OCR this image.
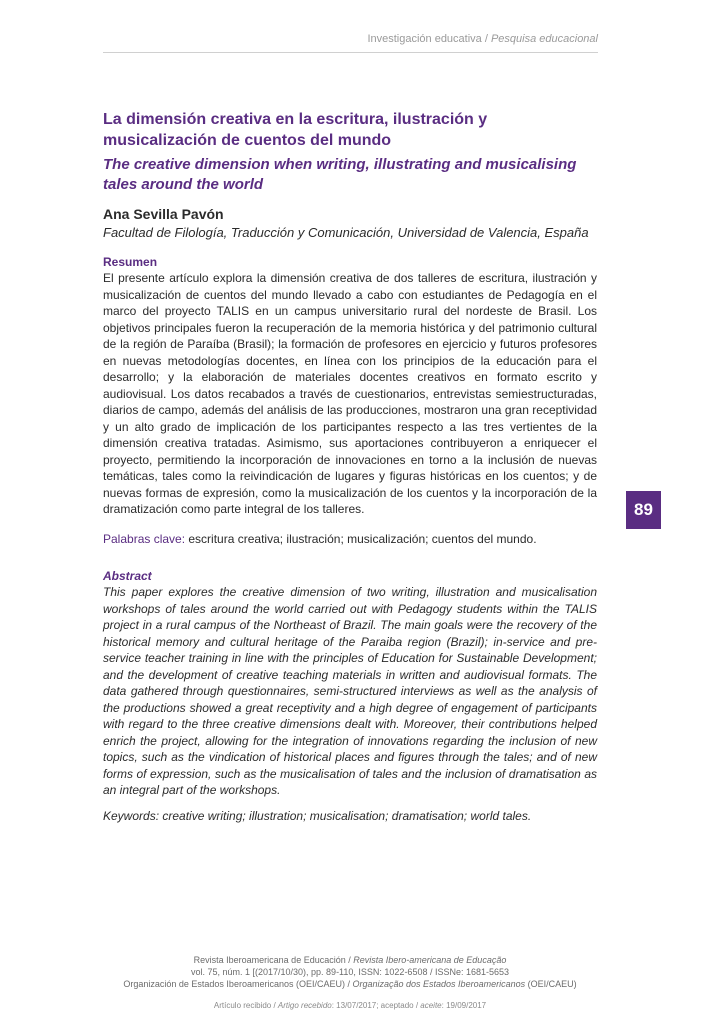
Investigación educativa / Pesquisa educacional
La dimensión creativa en la escritura, ilustración y musicalización de cuentos del mundo
The creative dimension when writing, illustrating and musicalising tales around the world
Ana Sevilla Pavón
Facultad de Filología, Traducción y Comunicación, Universidad de Valencia, España
Resumen
El presente artículo explora la dimensión creativa de dos talleres de escritura, ilustración y musicalización de cuentos del mundo llevado a cabo con estudiantes de Pedagogía en el marco del proyecto TALIS en un campus universitario rural del nordeste de Brasil. Los objetivos principales fueron la recuperación de la memoria histórica y del patrimonio cultural de la región de Paraíba (Brasil); la formación de profesores en ejercicio y futuros profesores en nuevas metodologías docentes, en línea con los principios de la educación para el desarrollo; y la elaboración de materiales docentes creativos en formato escrito y audiovisual. Los datos recabados a través de cuestionarios, entrevistas semiestructuradas, diarios de campo, además del análisis de las producciones, mostraron una gran receptividad y un alto grado de implicación de los participantes respecto a las tres vertientes de la dimensión creativa tratadas. Asimismo, sus aportaciones contribuyeron a enriquecer el proyecto, permitiendo la incorporación de innovaciones en torno a la inclusión de nuevas temáticas, tales como la reivindicación de lugares y figuras históricas en los cuentos; y de nuevas formas de expresión, como la musicalización de los cuentos y la incorporación de la dramatización como parte integral de los talleres.
Palabras clave: escritura creativa; ilustración; musicalización; cuentos del mundo.
Abstract
This paper explores the creative dimension of two writing, illustration and musicalisation workshops of tales around the world carried out with Pedagogy students within the TALIS project in a rural campus of the Northeast of Brazil. The main goals were the recovery of the historical memory and cultural heritage of the Paraiba region (Brazil); in-service and pre-service teacher training in line with the principles of Education for Sustainable Development; and the development of creative teaching materials in written and audiovisual formats. The data gathered through questionnaires, semi-structured interviews as well as the analysis of the productions showed a great receptivity and a high degree of engagement of participants with regard to the three creative dimensions dealt with. Moreover, their contributions helped enrich the project, allowing for the integration of innovations regarding the inclusion of new topics, such as the vindication of historical places and figures through the tales; and of new forms of expression, such as the musicalisation of tales and the inclusion of dramatisation as an integral part of the workshops.
Keywords: creative writing; illustration; musicalisation; dramatisation; world tales.
89
Revista Iberoamericana de Educación / Revista Ibero-americana de Educação
vol. 75, núm. 1 [(2017/10/30), pp. 89-110, ISSN: 1022-6508 / ISSNe: 1681-5653
Organización de Estados Iberoamericanos (OEI/CAEU) / Organização dos Estados Iberoamericanos (OEI/CAEU)
Artículo recibido / Artigo recebido: 13/07/2017; aceptado / aceite: 19/09/2017
